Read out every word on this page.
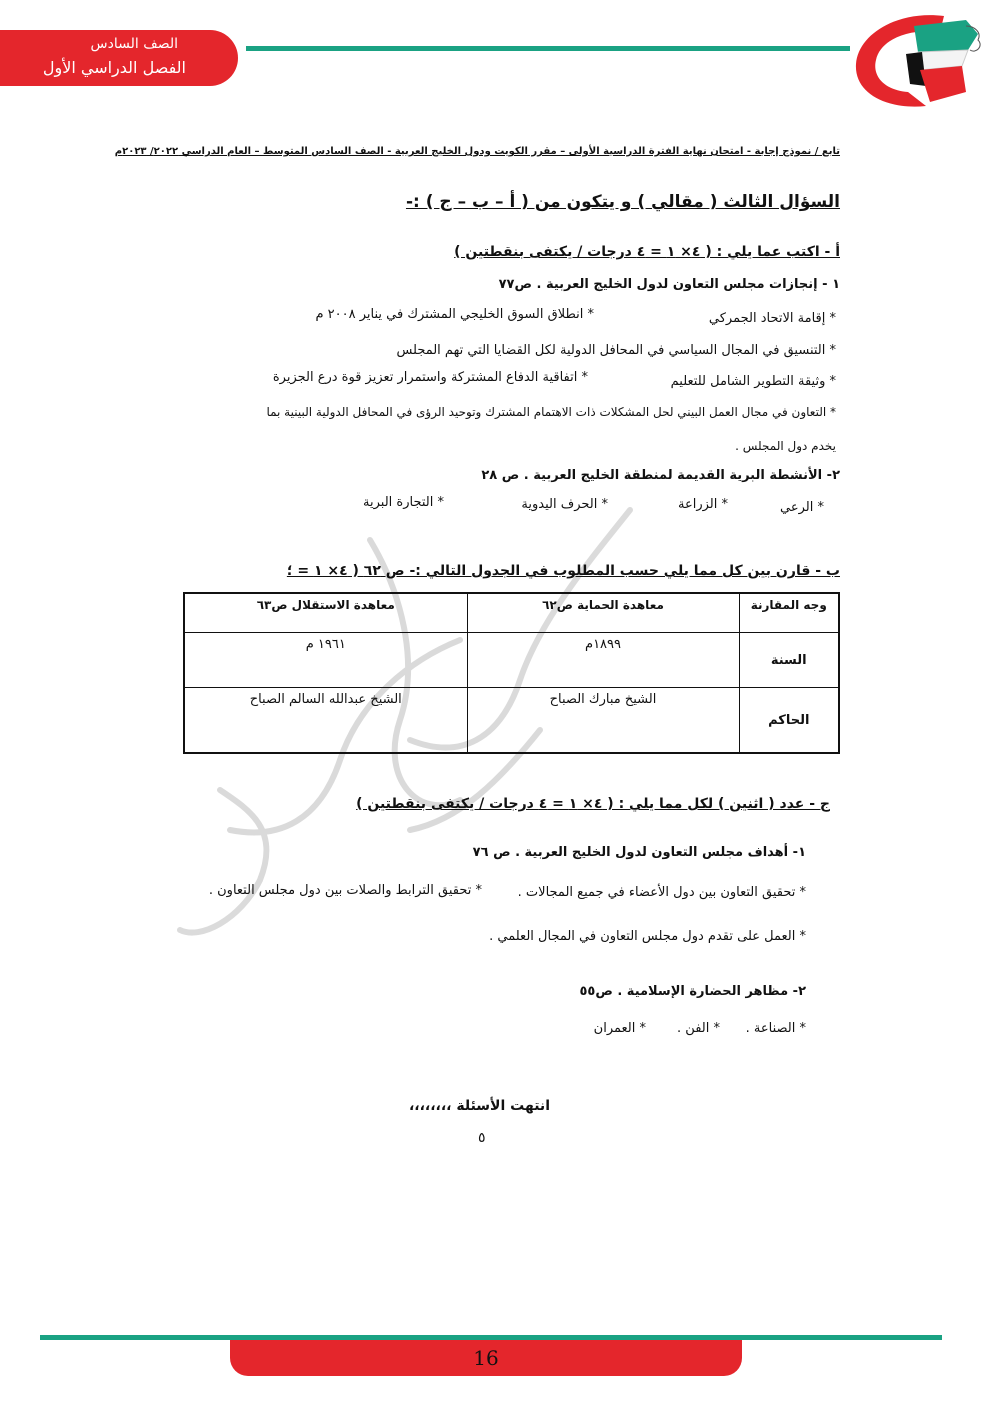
الصف السادس
الفصل الدراسي الأول
تابع / نموذج إجابة - امتحان نهاية الفترة الدراسية الأولى – مقرر الكويت ودول الخليج العربية - الصف السادس المتوسط – العام الدراسي ٢٠٢٢/ ٢٠٢٣م
السؤال الثالث ( مقالي ) و يتكون من ( أ – ب – ج ) :-
أ - اكتب عما يلي : ( ٤× ١ = ٤ درجات / يكتفى بنقطتين )
١ - إنجازات مجلس التعاون لدول الخليج العربية . ص٧٧
* إقامة الاتحاد الجمركي
* انطلاق السوق الخليجي المشترك في يناير ٢٠٠٨ م
* التنسيق في المجال السياسي في المحافل الدولية لكل القضايا التي تهم المجلس
* وثيقة التطوير الشامل للتعليم
* اتفاقية الدفاع المشتركة واستمرار تعزيز قوة درع الجزيرة
* التعاون في مجال العمل البيني لحل المشكلات ذات الاهتمام المشترك وتوحيد الرؤى في المحافل الدولية البينية بما
يخدم دول المجلس .
٢- الأنشطة البرية القديمة لمنطقة الخليج العربية . ص ٢٨
* الرعي
* الزراعة
* الحرف اليدوية
* التجارة البرية
ب - قارن بين كل مما يلي حسب المطلوب في الجدول التالي :- ص ٦٢ ( ٤× ١ = ؛
وجه المقارنة	معاهدة الحماية ص٦٢	معاهدة الاستقلال ص٦٣
السنة	١٨٩٩م	١٩٦١ م
الحاكم	الشيخ مبارك الصباح	الشيخ عبدالله السالم الصباح
ج - عدد ( اثنين ) لكل مما يلي : ( ٤× ١ = ٤ درجات / يكتفى بنقطتين )
١- أهداف مجلس التعاون لدول الخليج العربية . ص ٧٦
* تحقيق التعاون بين دول الأعضاء في جميع المجالات .
* تحقيق الترابط والصلات بين دول مجلس التعاون .
* العمل على تقدم دول مجلس التعاون في المجال العلمي .
٢- مظاهر الحضارة الإسلامية . ص٥٥
* الصناعة .
* الفن .
* العمران
انتهت الأسئلة ،،،،،،،،
٥
16
